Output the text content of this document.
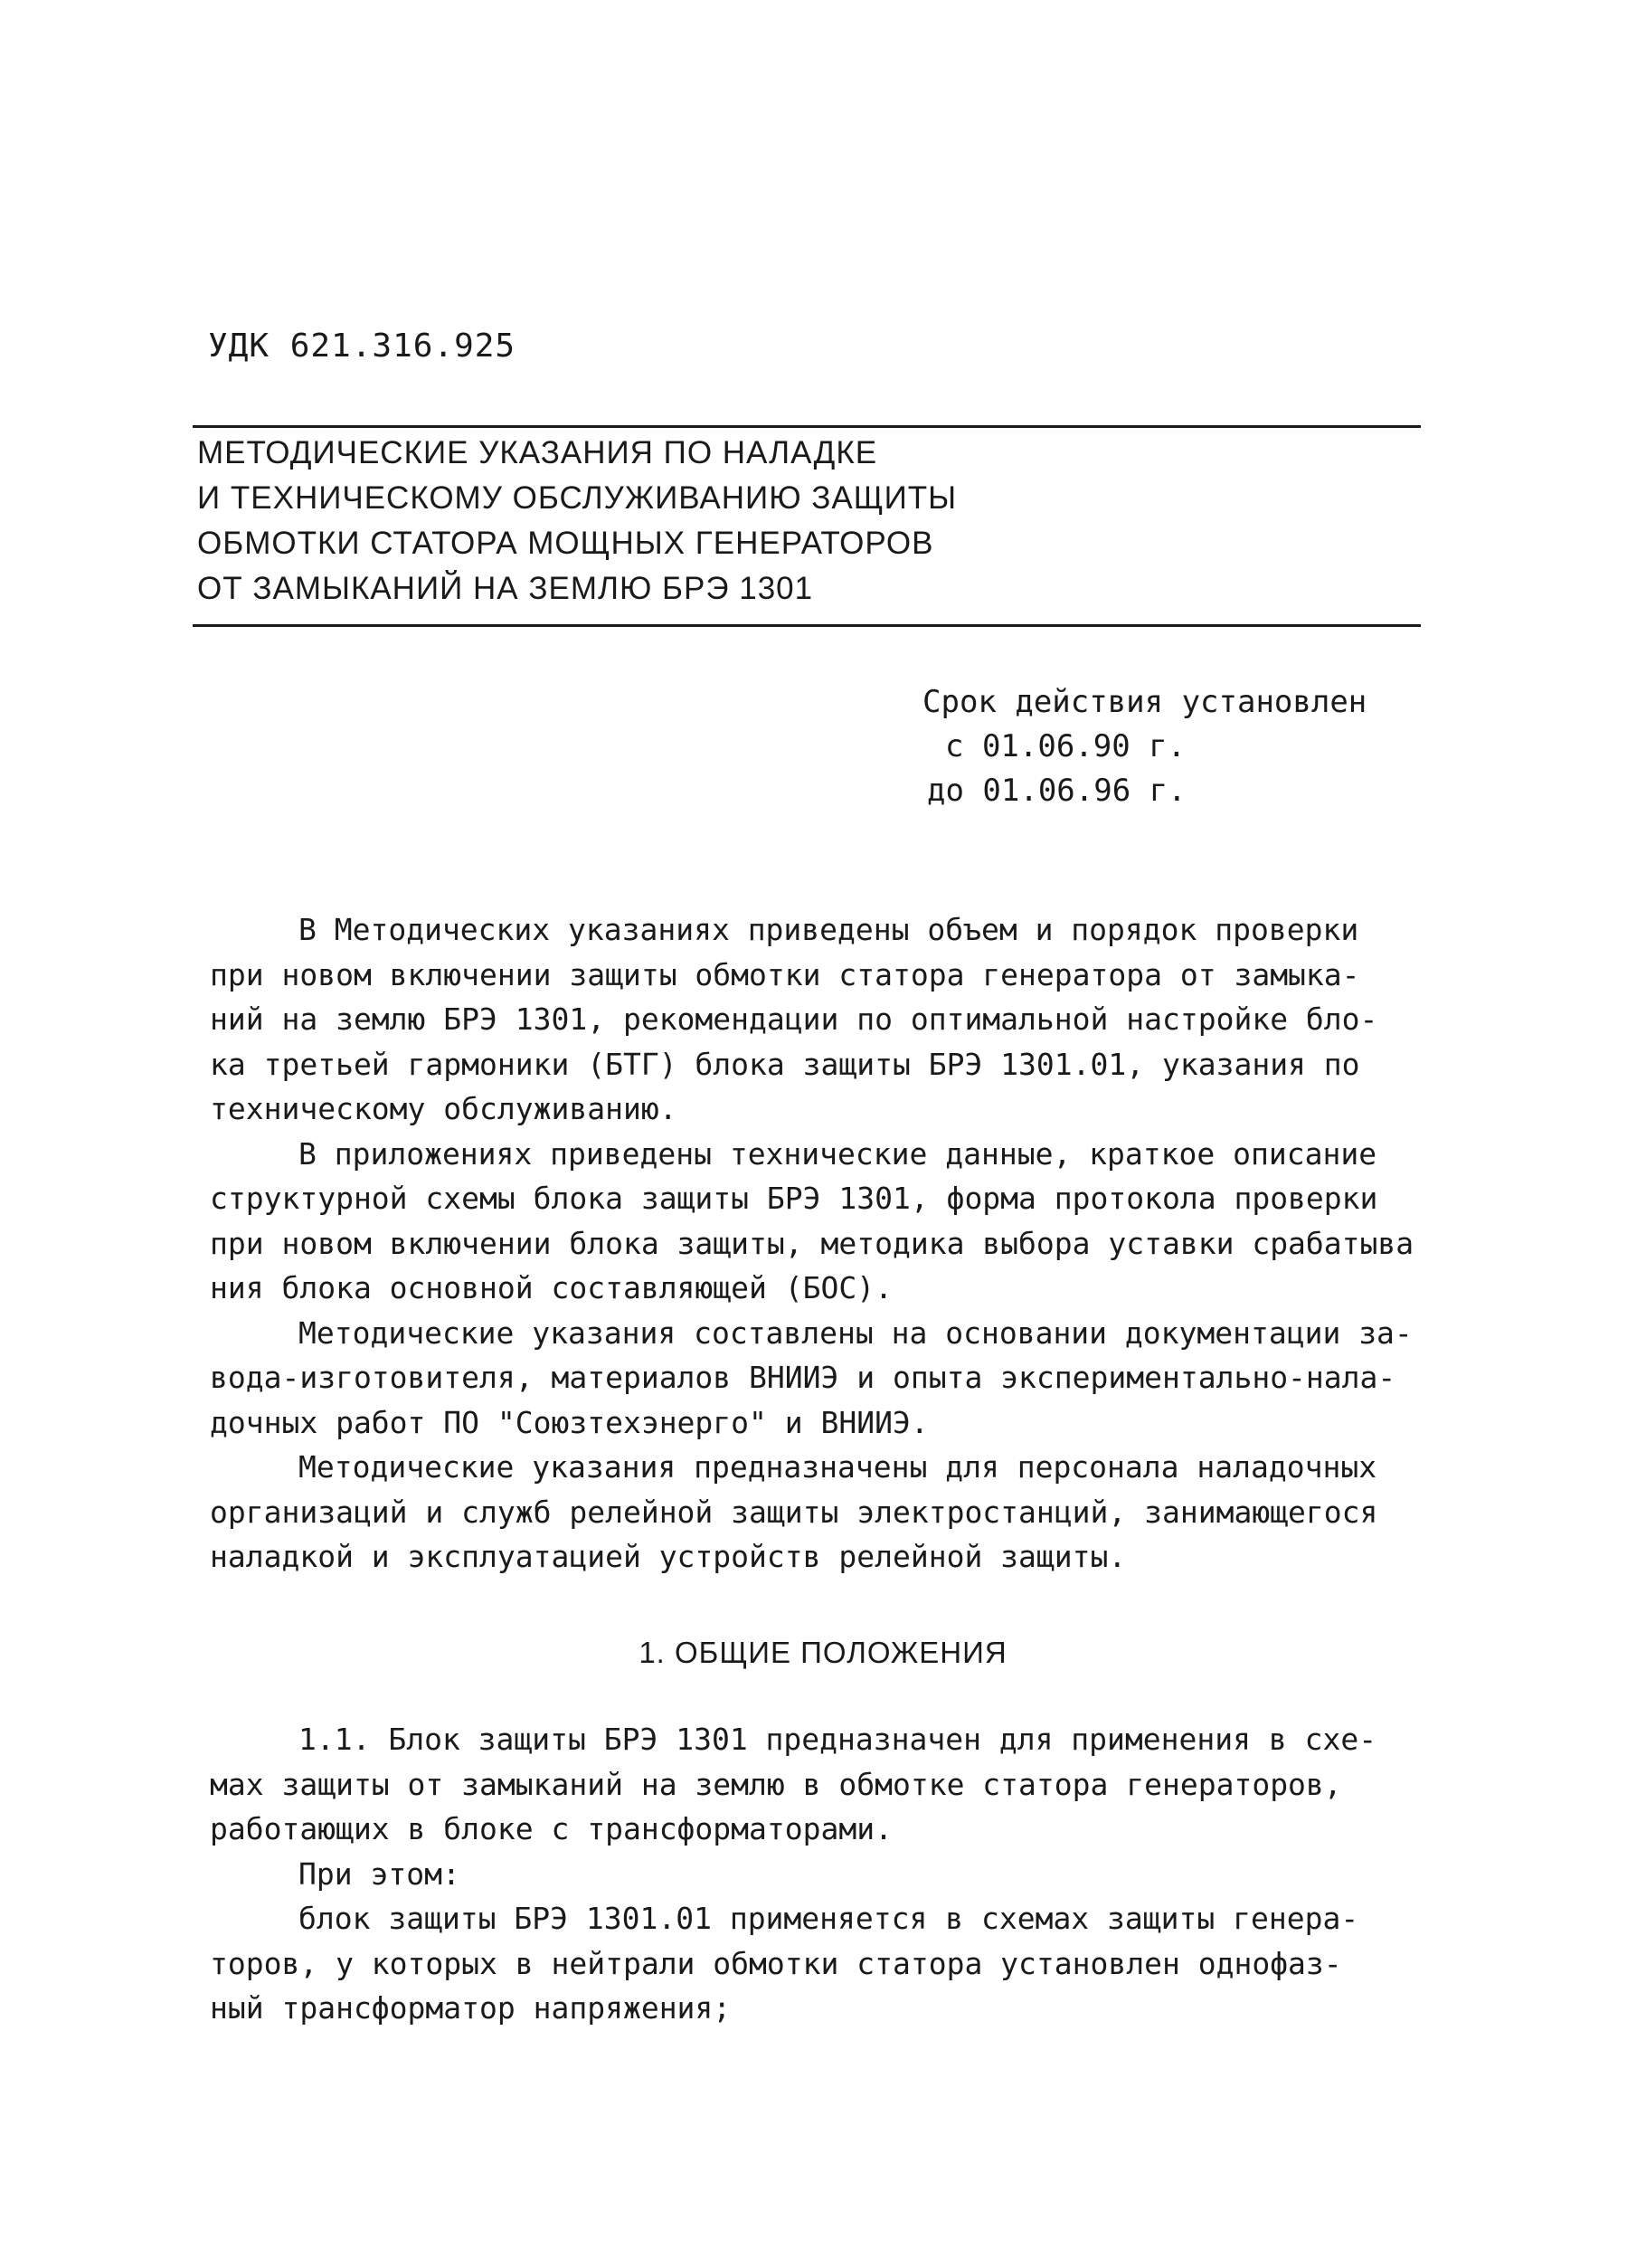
УДК 621.316.925
МЕТОДИЧЕСКИЕ УКАЗАНИЯ ПО НАЛАДКЕ
И ТЕХНИЧЕСКОМУ ОБСЛУЖИВАНИЮ ЗАЩИТЫ
ОБМОТКИ СТАТОРА МОЩНЫХ ГЕНЕРАТОРОВ
ОТ ЗАМЫКАНИЙ НА ЗЕМЛЮ БРЭ 1301
Срок действия установлен
с 01.06.90 г.
до 01.06.96 г.
В Методических указаниях приведены объем и порядок проверки
при новом включении защиты обмотки статора генератора от замыка-
ний на землю БРЭ 1301, рекомендации по оптимальной настройке бло-
ка третьей гармоники (БТГ) блока защиты БРЭ 1301.01, указания по
техническому обслуживанию.
В приложениях приведены технические данные, краткое описание
структурной схемы блока защиты БРЭ 1301, форма протокола проверки
при новом включении блока защиты, методика выбора уставки срабатыва
ния блока основной составляющей (БОС).
Методические указания составлены на основании документации за-
вода-изготовителя, материалов ВНИИЭ и опыта экспериментально-нала-
дочных работ ПО "Союзтехэнерго" и ВНИИЭ.
Методические указания предназначены для персонала наладочных
организаций и служб релейной защиты электростанций, занимающегося
наладкой и эксплуатацией устройств релейной защиты.
1. ОБЩИЕ ПОЛОЖЕНИЯ
1.1. Блок защиты БРЭ 1301 предназначен для применения в схе-
мах защиты от замыканий на землю в обмотке статора генераторов,
работающих в блоке с трансформаторами.
При этом:
блок защиты БРЭ 1301.01 применяется в схемах защиты генера-
торов, у которых в нейтрали обмотки статора установлен однофаз-
ный трансформатор напряжения;
